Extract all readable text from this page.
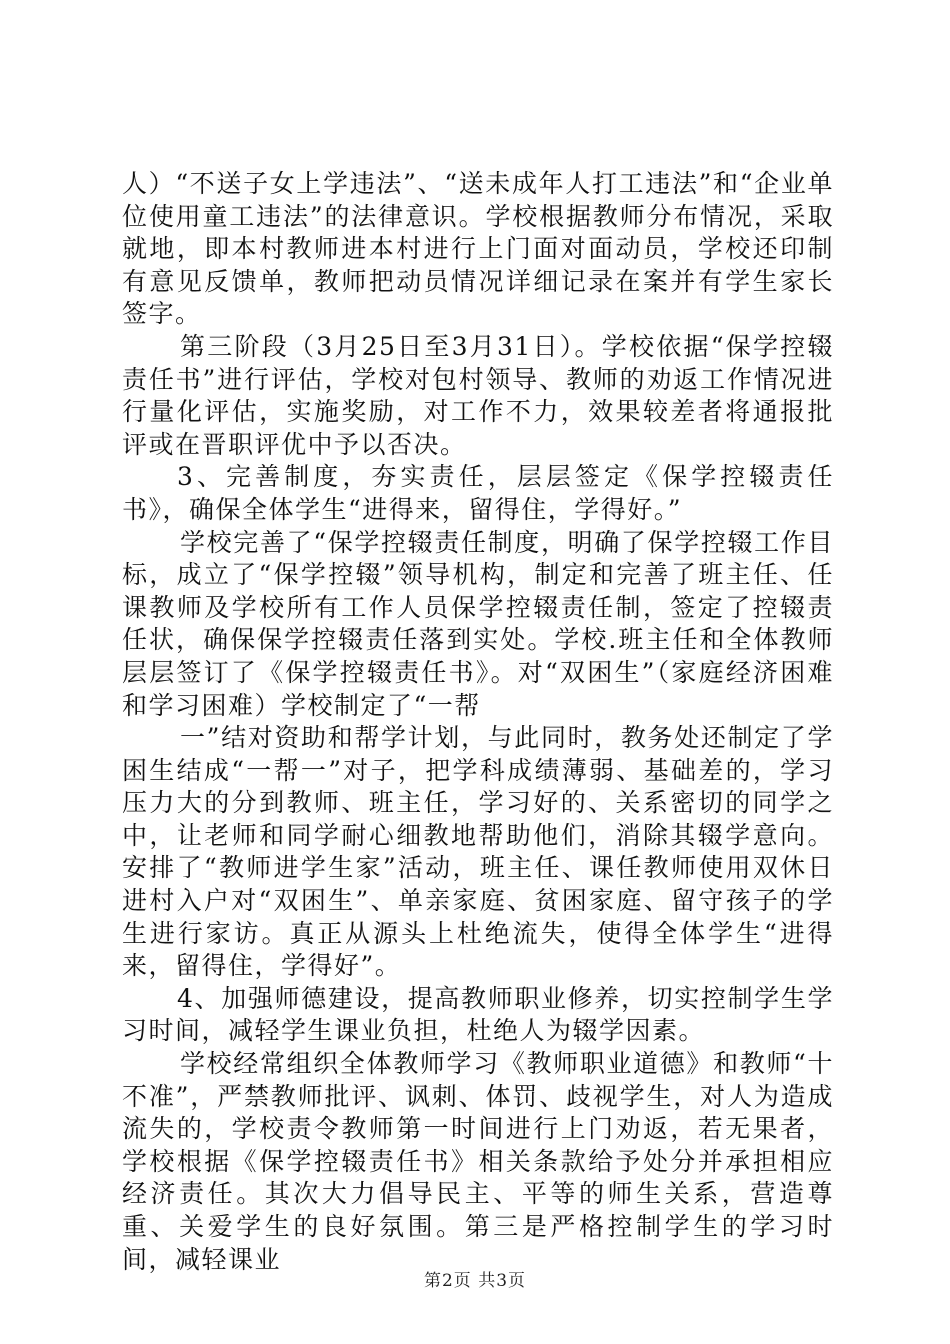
人）“不送子女上学违法”、“送未成年人打工违法”和“企业单位使用童工违法”的法律意识。学校根据教师分布情况，采取就地，即本村教师进本村进行上门面对面动员，学校还印制有意见反馈单，教师把动员情况详细记录在案并有学生家长签字。

第三阶段（3月25日至3月31日）。学校依据“保学控辍责任书”进行评估，学校对包村领导、教师的劝返工作情况进行量化评估，实施奖励，对工作不力，效果较差者将通报批评或在晋职评优中予以否决。

3、完善制度，夯实责任，层层签定《保学控辍责任书》，确保全体学生“进得来，留得住，学得好。”

学校完善了“保学控辍责任制度，明确了保学控辍工作目标，成立了“保学控辍”领导机构，制定和完善了班主任、任课教师及学校所有工作人员保学控辍责任制，签定了控辍责任状，确保保学控辍责任落到实处。学校.班主任和全体教师层层签订了《保学控辍责任书》。对“双困生”（家庭经济困难和学习困难）学校制定了“一帮

一”结对资助和帮学计划，与此同时，教务处还制定了学困生结成“一帮一”对子，把学科成绩薄弱、基础差的，学习压力大的分到教师、班主任，学习好的、关系密切的同学之中，让老师和同学耐心细教地帮助他们，消除其辍学意向。安排了“教师进学生家”活动，班主任、课任教师使用双休日进村入户对“双困生”、单亲家庭、贫困家庭、留守孩子的学生进行家访。真正从源头上杜绝流失，使得全体学生“进得来，留得住，学得好”。

4、加强师德建设，提高教师职业修养，切实控制学生学习时间，减轻学生课业负担，杜绝人为辍学因素。

学校经常组织全体教师学习《教师职业道德》和教师“十不准”，严禁教师批评、讽刺、体罚、歧视学生，对人为造成流失的，学校责令教师第一时间进行上门劝返，若无果者，学校根据《保学控辍责任书》相关条款给予处分并承担相应经济责任。其次大力倡导民主、平等的师生关系，营造尊重、关爱学生的良好氛围。第三是严格控制学生的学习时间，减轻课业

第2页 共3页
